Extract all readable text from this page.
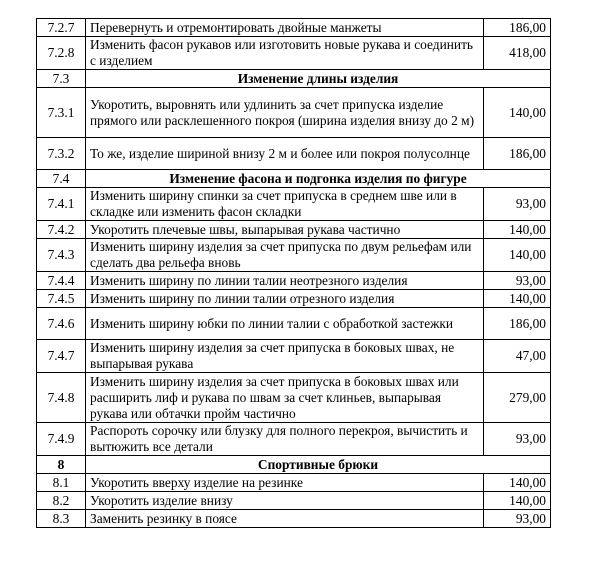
7.2.7	Перевернуть и отремонтировать двойные манжеты	186,00
7.2.8	Изменить фасон рукавов или изготовить новые рукава и соединить с изделием	418,00
7.3	Изменение длины изделия	
7.3.1	Укоротить, выровнять или удлинить за счет припуска изделие прямого или расклешенного покроя (ширина изделия внизу до 2 м)	140,00
7.3.2	То же, изделие шириной внизу 2 м и более или покроя полусолнце	186,00
7.4	Изменение фасона и подгонка изделия по фигуре	
7.4.1	Изменить ширину спинки за счет припуска в среднем шве или в складке или изменить фасон складки	93,00
7.4.2	Укоротить плечевые швы, выпарывая рукава частично	140,00
7.4.3	Изменить ширину изделия за счет припуска по двум рельефам или сделать два рельефа вновь	140,00
7.4.4	Изменить ширину по линии талии неотрезного изделия	93,00
7.4.5	Изменить ширину по линии талии отрезного изделия	140,00
7.4.6	Изменить ширину юбки по линии талии с обработкой застежки	186,00
7.4.7	Изменить ширину изделия за счет припуска в боковых швах, не выпарывая рукава	47,00
7.4.8	Изменить ширину изделия за счет припуска в боковых швах или расширить лиф и рукава по швам за счет клиньев, выпарывая рукава или обтачки пройм частично	279,00
7.4.9	Распороть сорочку или блузку для полного перекроя, вычистить и вытюжить все детали	93,00
8	Спортивные брюки	
8.1	Укоротить вверху изделие на резинке	140,00
8.2	Укоротить изделие внизу	140,00
8.3	Заменить резинку в поясе	93,00
